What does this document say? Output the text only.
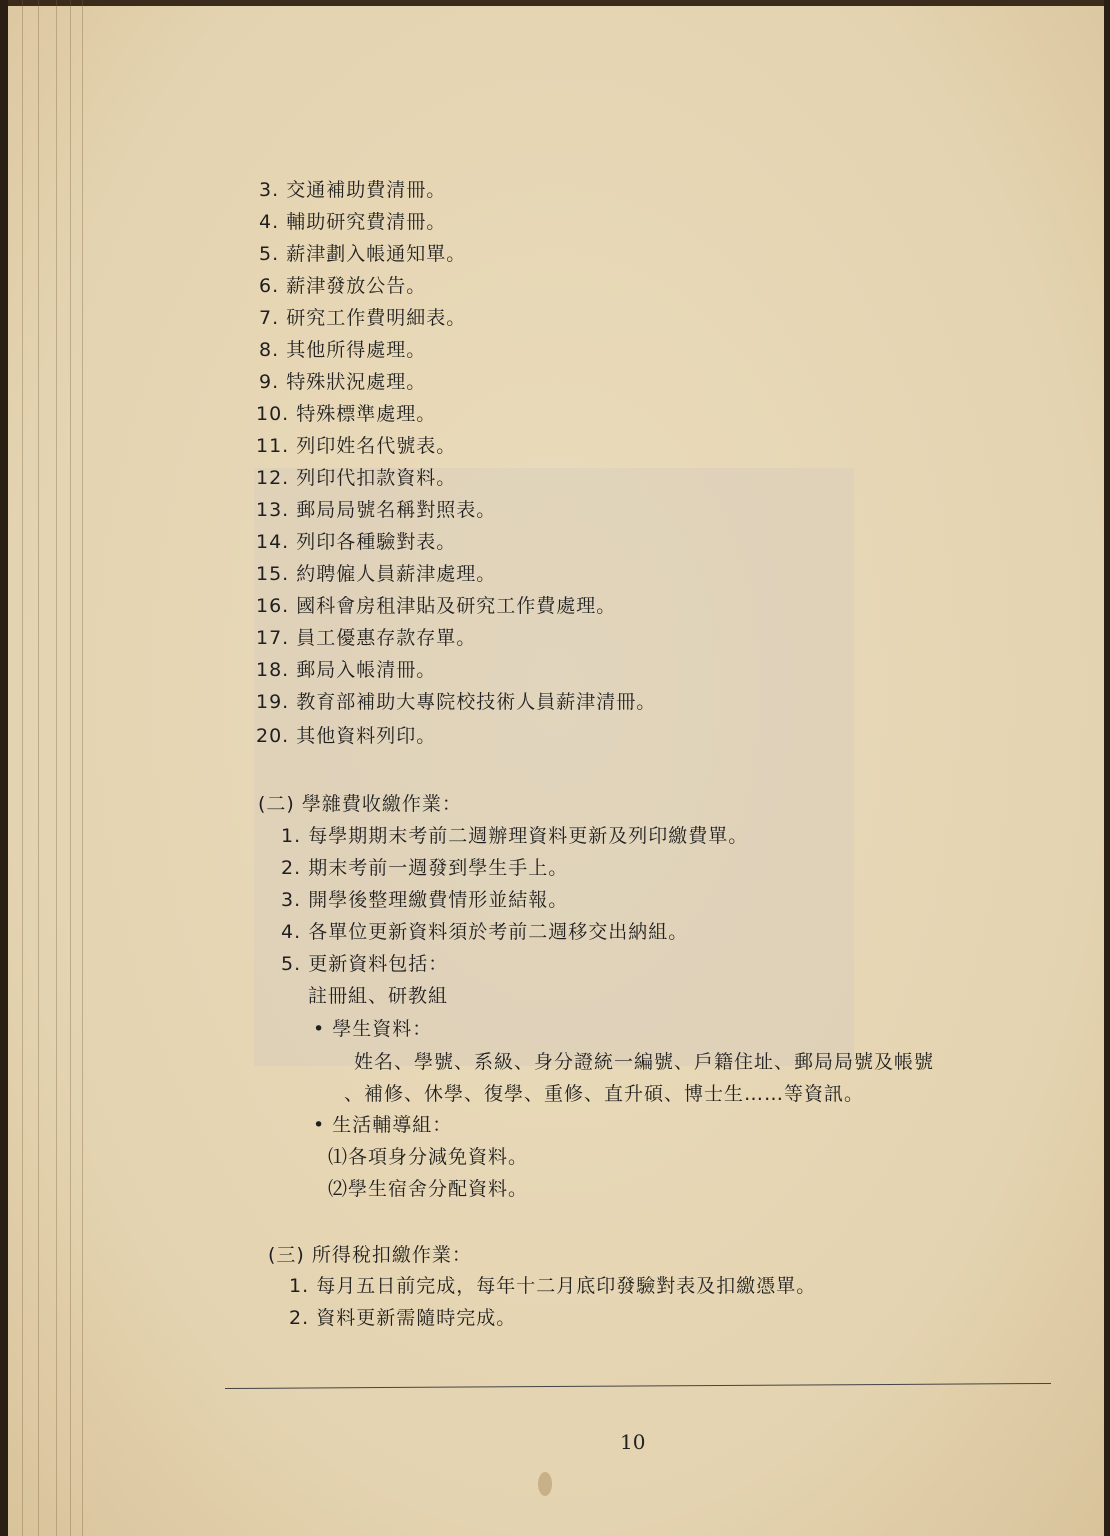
3. 交通補助費清冊。
4. 輔助研究費清冊。
5. 薪津劃入帳通知單。
6. 薪津發放公告。
7. 研究工作費明細表。
8. 其他所得處理。
9. 特殊狀況處理。
10. 特殊標準處理。
11. 列印姓名代號表。
12. 列印代扣款資料。
13. 郵局局號名稱對照表。
14. 列印各種驗對表。
15. 約聘僱人員薪津處理。
16. 國科會房租津貼及研究工作費處理。
17. 員工優惠存款存單。
18. 郵局入帳清冊。
19. 教育部補助大專院校技術人員薪津清冊。
20. 其他資料列印。
(二) 學雜費收繳作業：
1. 每學期期末考前二週辦理資料更新及列印繳費單。
2. 期末考前一週發到學生手上。
3. 開學後整理繳費情形並結報。
4. 各單位更新資料須於考前二週移交出納組。
5. 更新資料包括：
註冊組、研教組
• 學生資料：
姓名、學號、系級、身分證統一編號、戶籍住址、郵局局號及帳號
、補修、休學、復學、重修、直升碩、博士生……等資訊。
• 生活輔導組：
⑴各項身分減免資料。
⑵學生宿舍分配資料。
(三) 所得稅扣繳作業：
1. 每月五日前完成，每年十二月底印發驗對表及扣繳憑單。
2. 資料更新需隨時完成。
10
